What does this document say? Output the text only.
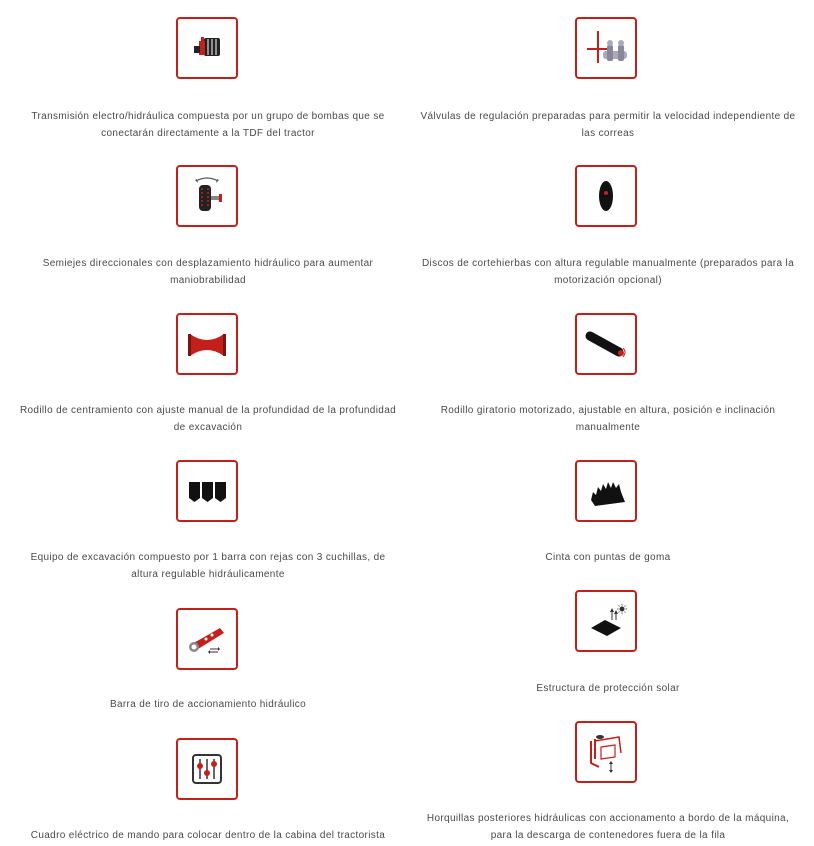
Transmisión electro/hidráulica compuesta por un grupo de bombas que se conectarán directamente a la TDF del tractor
Semiejes direccionales con desplazamiento hidráulico para aumentar maniobrabilidad
Rodillo de centramiento con ajuste manual de la profundidad de la profundidad de excavación
Equipo de excavación compuesto por 1 barra con rejas con 3 cuchillas, de altura regulable hidráulicamente
Barra de tiro de accionamiento hidráulico
Cuadro eléctrico de mando para colocar dentro de la cabina del tractorista
Válvulas de regulación preparadas para permitir la velocidad independiente de las correas
Discos de cortehierbas con altura regulable manualmente (preparados para la motorización opcional)
Rodillo giratorio motorizado, ajustable en altura, posición e inclinación manualmente
Cinta con puntas de goma
Estructura de protección solar
Horquillas posteriores hidráulicas con accionamento a bordo de la máquina, para la descarga de contenedores fuera de la fila
